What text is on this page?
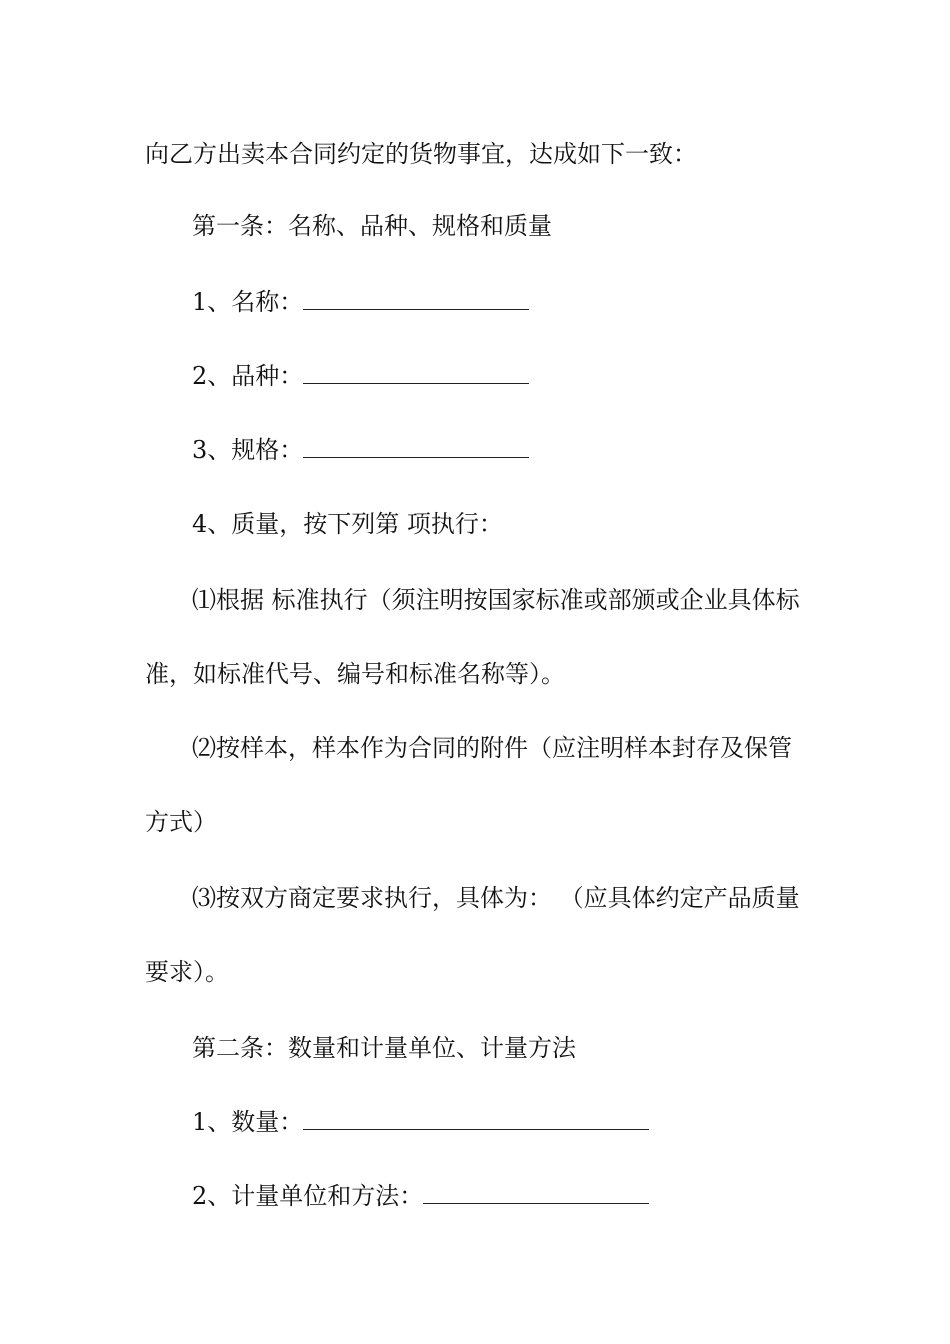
向乙方出卖本合同约定的货物事宜，达成如下一致：
第一条：名称、品种、规格和质量
1、名称：
2、品种：
3、规格：
4、质量，按下列第 项执行：
⑴根据 标准执行（须注明按国家标准或部颁或企业具体标
准，如标准代号、编号和标准名称等）。
⑵按样本，样本作为合同的附件（应注明样本封存及保管
方式）
⑶按双方商定要求执行，具体为： （应具体约定产品质量
要求）。
第二条：数量和计量单位、计量方法
1、数量：
2、计量单位和方法：
